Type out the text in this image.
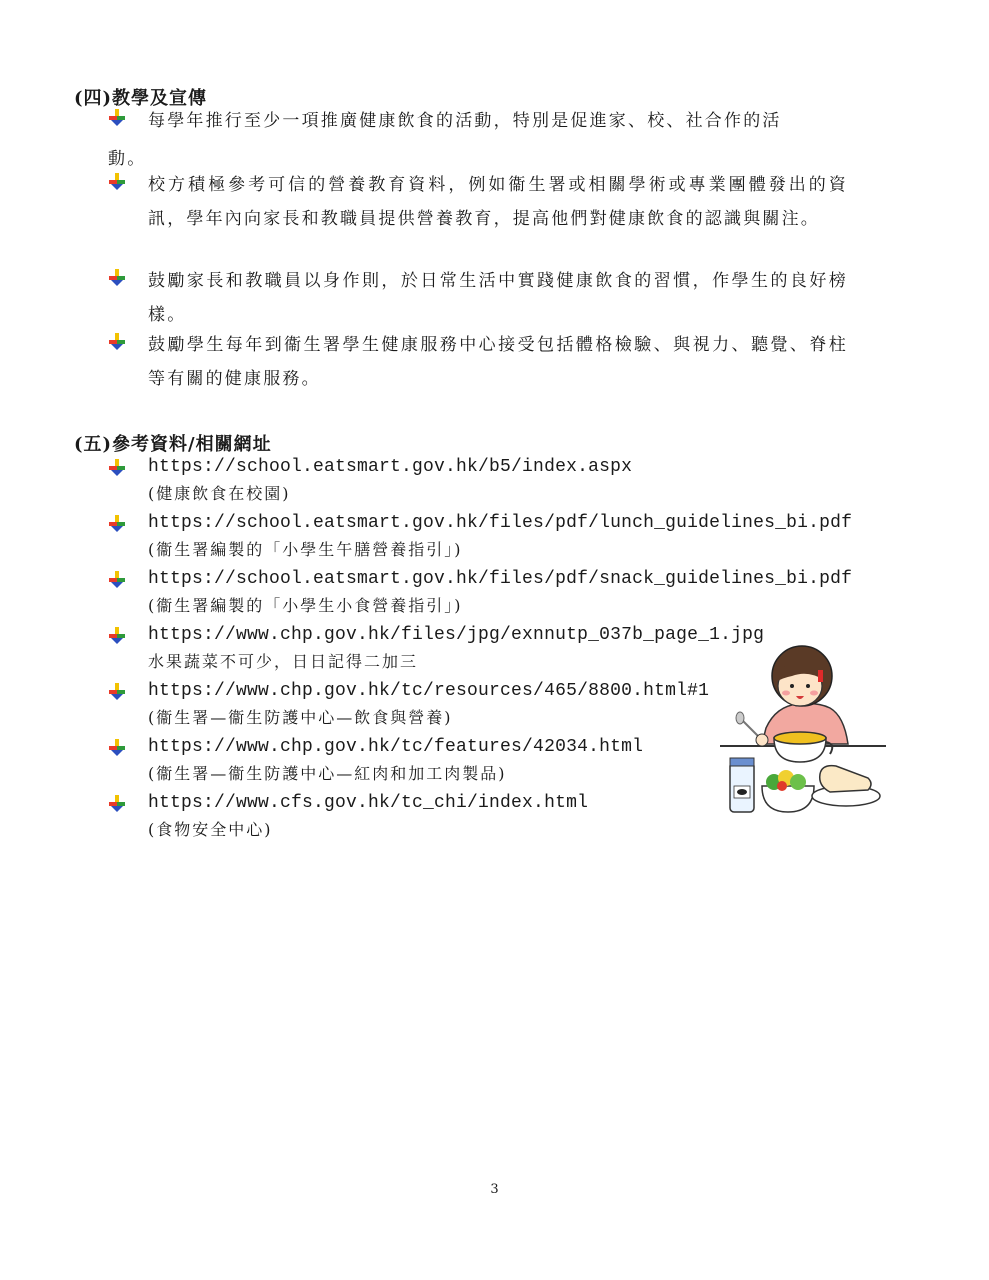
(四)教學及宣傳
每學年推行至少一項推廣健康飲食的活動，特別是促進家、校、社合作的活
動。
校方積極參考可信的營養教育資料，例如衞生署或相關學術或專業團體發出的資訊，學年內向家長和教職員提供營養教育，提高他們對健康飲食的認識與關注。
鼓勵家長和教職員以身作則，於日常生活中實踐健康飲食的習慣，作學生的良好榜樣。
鼓勵學生每年到衞生署學生健康服務中心接受包括體格檢驗、與視力、聽覺、脊柱等有關的健康服務。
(五)參考資料/相關網址
https://school.eatsmart.gov.hk/b5/index.aspx
(健康飲食在校園)
https://school.eatsmart.gov.hk/files/pdf/lunch_guidelines_bi.pdf
(衞生署編製的「小學生午膳營養指引」)
https://school.eatsmart.gov.hk/files/pdf/snack_guidelines_bi.pdf
(衞生署編製的「小學生小食營養指引」)
https://www.chp.gov.hk/files/jpg/exnnutp_037b_page_1.jpg
水果蔬菜不可少，日日記得二加三
https://www.chp.gov.hk/tc/resources/465/8800.html#1
(衞生署—衞生防護中心—飲食與營養)
https://www.chp.gov.hk/tc/features/42034.html
(衞生署—衞生防護中心—紅肉和加工肉製品)
https://www.cfs.gov.hk/tc_chi/index.html
(食物安全中心)
3
